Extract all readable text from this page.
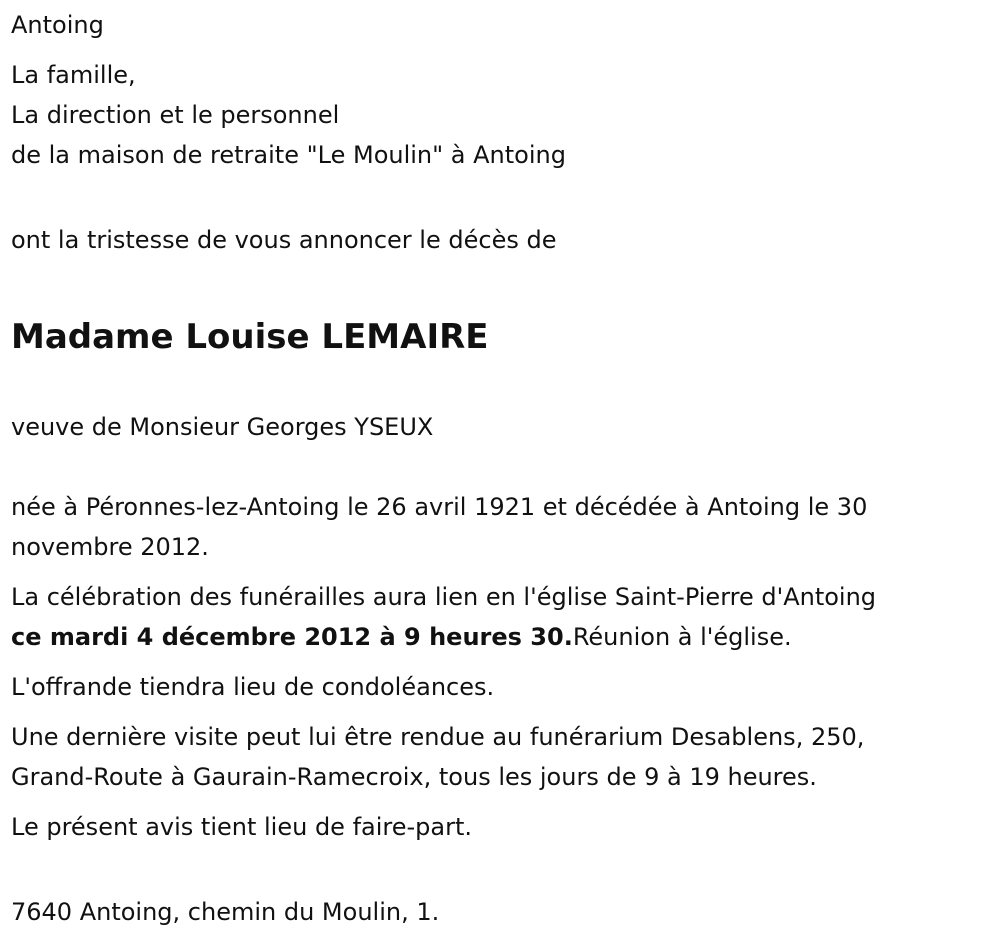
Antoing

La famille,

La direction et le personnel

de la maison de retraite "Le Moulin" à Antoing

ont la tristesse de vous annoncer le décès de

Madame Louise LEMAIRE

veuve de Monsieur Georges YSEUX

née à Péronnes-lez-Antoing le 26 avril 1921 et décédée à Antoing le 30

novembre 2012.

La célébration des funérailles aura lien en l'église Saint-Pierre d'Antoing

ce mardi 4 décembre 2012 à 9 heures 30.Réunion à l'église.

L'offrande tiendra lieu de condoléances.

Une dernière visite peut lui être rendue au funérarium Desablens, 250,

Grand-Route à Gaurain-Ramecroix, tous les jours de 9 à 19 heures.

Le présent avis tient lieu de faire-part.

7640 Antoing, chemin du Moulin, 1.
